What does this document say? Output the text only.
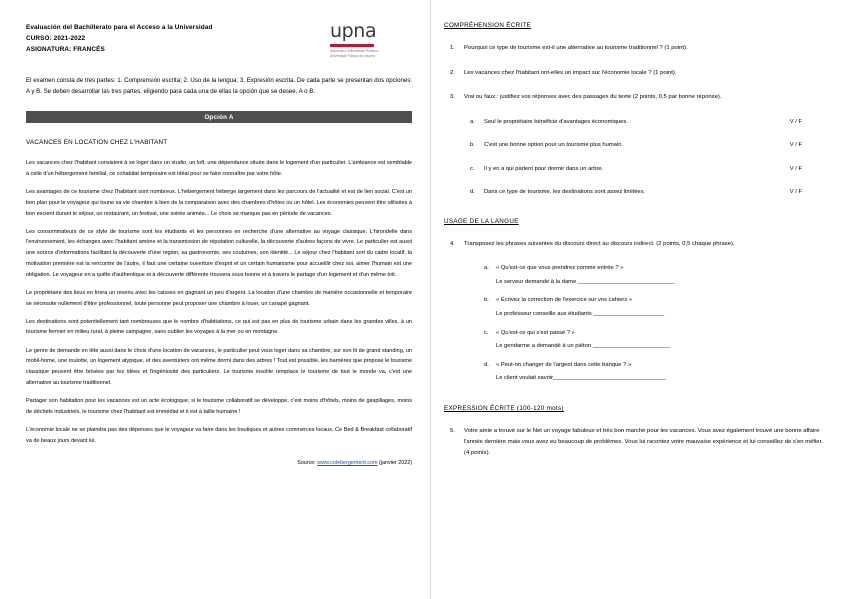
Evaluación del Bachillerato para el Acceso a la Universidad
CURSO: 2021-2022
ASIGNATURA: FRANCÉS
upna
Nafarroako Unibertsitate Publikoa / Universidad Pública de Navarra
El examen consta de tres partes: 1. Comprensión escrita; 2. Uso de la lengua; 3. Expresión escrita. De cada parte se presentan dos opciones: A y B. Se deben desarrollar las tres partes, eligiendo para cada una de ellas la opción que se desee, A o B.
Opción A
VACANCES EN LOCATION CHEZ L'HABITANT

Les vacances chez l'habitant consistent à se loger dans un studio, un loft, une dépendance située dans le logement d'un particulier. L'ambiance est semblable à celle d'un hébergement familial, ce cohabitat temporaire est idéal pour se faire connaître par votre hôte.

Les avantages de ce tourisme chez l'habitant sont nombreux. L'hébergement héberge largement dans les parcours de l'actualité et est de lien social. C'est un bon plan pour le voyageur qui toune sa vie chambre à bien de la comparaison avec des chambres d'hôtes ou un hôtel. Les économies peuvent être utilisées à bon escient durant le séjour, un restaurant, un festival, une soirée animée... Le choix se manque pas en période de vacances.

Les consommateurs de ce style de tourisme sont les étudiants et les personnes en recherche d'une alternative au voyage classique. L'hirondelle dans l'environnement, les échanges avec l'habitant amène et la transmission de réputation culturelle, la découverte d'autres façons de vivre. Le particulier est aussi une source d'informations facilitant la découverte d'une région, sa gastronomie, ses coutumes, son identité... Le séjour chez l'habitant sort du cadre locatif, la motivation première est la rencontre de l'autre, il faut une certaine ouverture d'esprit et un certain humanisme pour accueillir chez soi, aimer l'humain est une obligation. Le voyageur en a quête d'authentique et à découverte différente trouvera sous bonne et à travers le partage d'un logement et d'un même toit.

Le propriétaire des lieux en tirera un revenu avec les caisses en gagnant un peu d'argent. La location d'une chambre de manière occasionnelle et temporaire se nécessite nullement d'être professionnel, toute personne peut proposer une chambre à louer, un canapé gagnant.

Les destinations sont potentiellement tant nombreuses que le nombre d'habitations, ce qui est pas en plus de tourisme urbain dans les grandes villes, à un tourisme fermier en milieu rural, à pleine campagne, sans oublier les voyages à la mer ou en montagne.

Le genre de demande en tête aussi dans le choix d'une location de vacances, le particulier peut vous loger dans sa chambre, sur son lit de grand standing, un mobil-home, une roulotte, un logement atypique, et des aventuriers ont même dormi dans des arbres ! Tout est possible, les barrières que propose le tourisme classique peuvent être brisées par les idées et l'ingéniosité des particuliers. Le tourisme insolite remplace le tourisme de tout le monde va, c'est une alternative au tourisme traditionnel.

Partager son habitation pour les vacances est un acte écologique, si le tourisme collaboratif se développe, c'est moins d'hôtels, moins de gaspillages, moins de déchets industriels, le tourisme chez l'habitant est immédiat et il est à taille humaine !

L'économie locale ne se plaindra pas des dépenses que le voyageur va faire dans les boutiques et autres commerces locaux. Ce Bed & Breakfast collaboratif va de beaux jours devant lui.

Source: www.colebergement.com (janvier 2022)
COMPRÉHENSION ÉCRITE
1.	Pourquoi ce type de tourisme est-il une alternative au tourisme traditionnel ? (1 point).
2.	Les vacances chez l'habitant ont-elles un impact sur l'économie locale ? (1 point).
3.	Vrai ou faux : justifiez vos réponses avec des passages du texte (2 points, 0,5 par bonne réponse).
a.	Seul le propriétaire bénéficie d'avantages économiques.	V / F
b.	C'est une bonne option pour un tourisme plus humain.	V / F
c.	Il y en a qui parlent pour dormir dans un arbre.	V / F
d.	Dans ce type de tourisme, les destinations sont assez limitées.	V / F
USAGE DE LA LANGUE
4.	Transposez les phrases suivantes du discours direct au discours indirect. (2 points, 0,5 chaque phrase).
a. « Qu'est-ce que vous prendrez comme entrée ? »
Le serveur demande à la dame ______________________________
b. « Écrivez la correction de l'exercice sur vos cahiers »
Le professeur conseille aux étudiants ______________________
c. « Qu'est-ce qui s'est passé ? »
Le gendarme a demandé à un piéton ________________________
d. « Peut-on changer de l'argent dans cette banque ? »
Le client voulait savoir___________________________________
EXPRESSION ÉCRITE (100-120 mots)
5.	Votre amie a trouvé sur le Net un voyage fabuleux et très bon marché pour les vacances. Vous avez également trouvé une bonne affaire l'année dernière mais vous avez eu beaucoup de problèmes. Vous lui racontez votre mauvaise expérience et lui conseillez de s'en méfier. (4 points).
